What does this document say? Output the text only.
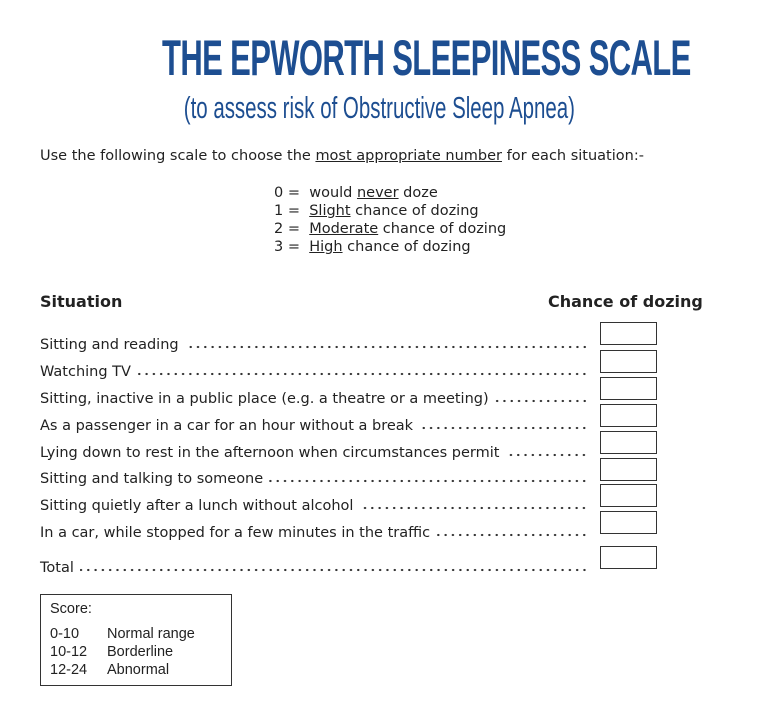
THE EPWORTH SLEEPINESS SCALE
(to assess risk of Obstructive Sleep Apnea)
Use the following scale to choose the most appropriate number for each situation:-
0 =  would never doze
1 =  Slight chance of dozing
2 =  Moderate chance of dozing
3 =  High chance of dozing
Situation	Chance of dozing
Sitting and reading
Watching TV
Sitting, inactive in a public place (e.g. a theatre or a meeting)
As a passenger in a car for an hour without a break
Lying down to rest in the afternoon when circumstances permit
Sitting and talking to someone
Sitting quietly after a lunch without alcohol
In a car, while stopped for a few minutes in the traffic
Total
Score:
0-10	Normal range
10-12	Borderline
12-24	Abnormal
